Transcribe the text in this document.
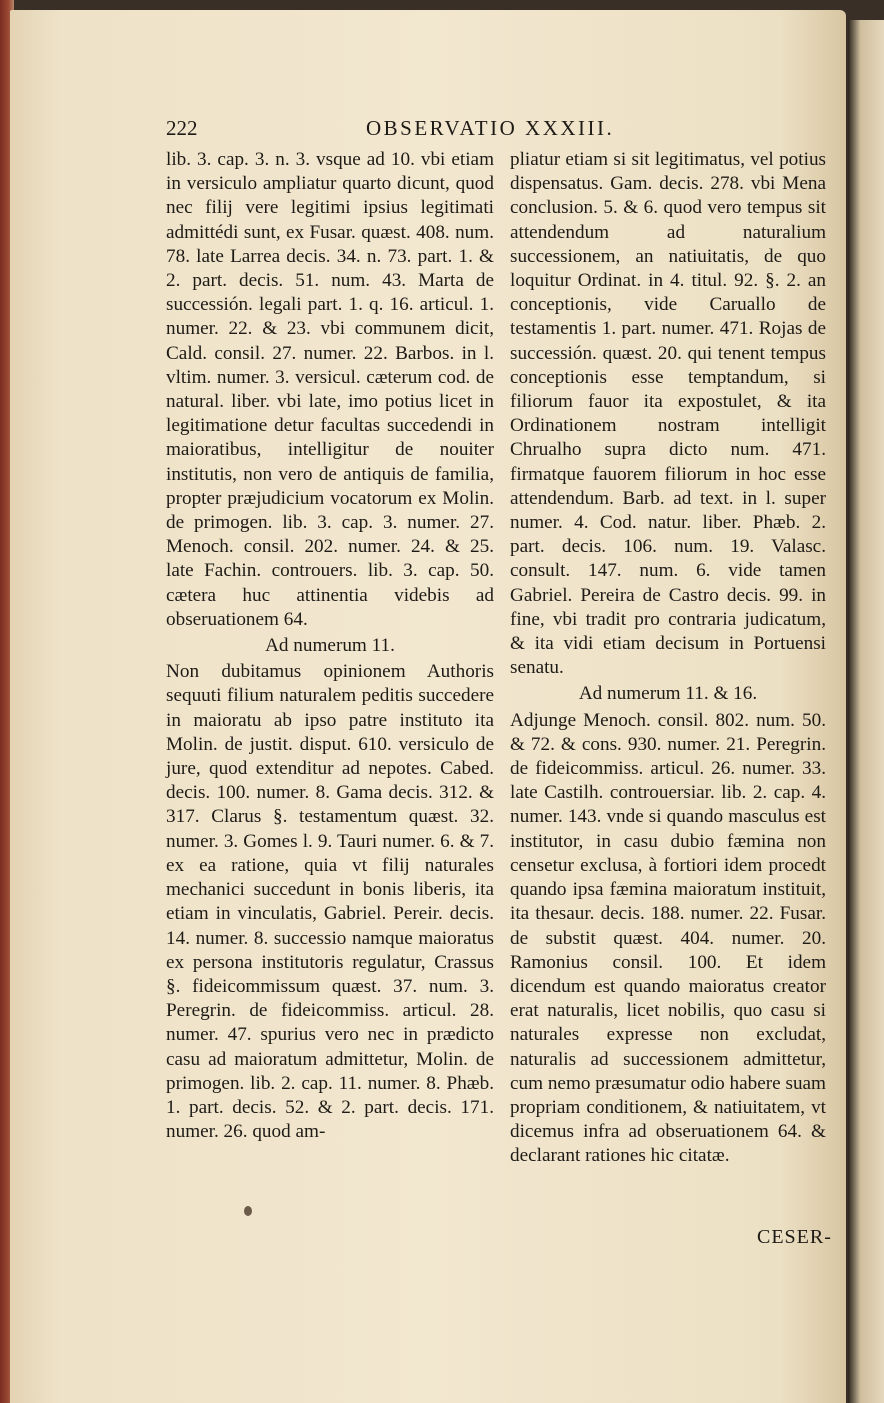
222	OBSERVATIO XXXIII.

lib. 3. cap. 3. n. 3. vsque ad 10. vbi etiam in versiculo ampliatur quarto dicunt, quod nec filij vere legitimi ipsius legitimati admittédi sunt, ex Fusar. quæst. 408. num. 78. late Larrea decis. 34. n. 73. part. 1. & 2. part. decis. 51. num. 43. Marta de successión. legali part. 1. q. 16. articul. 1. numer. 22. & 23. vbi communem dicit, Cald. consil. 27. numer. 22. Barbos. in l. vltim. numer. 3. versicul. cæterum cod. de natural. liber. vbi late, imo potius licet in legitimatione detur facultas succedendi in maioratibus, intelligitur de nouiter institutis, non vero de antiquis de familia, propter præjudicium vocatorum ex Molin. de primogen. lib. 3. cap. 3. numer. 27. Menoch. consil. 202. numer. 24. & 25. late Fachin. controuers. lib. 3. cap. 50. cætera huc attinentia videbis ad obseruationem 64.

Ad numerum 11.

Non dubitamus opinionem Authoris sequuti filium naturalem peditis succedere in maioratu ab ipso patre instituto ita Molin. de justit. disput. 610. versiculo de jure, quod extenditur ad nepotes. Cabed. decis. 100. numer. 8. Gama decis. 312. & 317. Clarus §. testamentum quæst. 32. numer. 3. Gomes l. 9. Tauri numer. 6. & 7. ex ea ratione, quia vt filij naturales mechanici succedunt in bonis liberis, ita etiam in vinculatis, Gabriel. Pereir. decis. 14. numer. 8. successio namque maioratus ex persona institutoris regulatur, Crassus §. fideicommissum quæst. 37. num. 3. Peregrin. de fideicommiss. articul. 28. numer. 47. spurius vero nec in prædicto casu ad maioratum admittetur, Molin. de primogen. lib. 2. cap. 11. numer. 8. Phæb. 1. part. decis. 52. & 2. part. decis. 171. numer. 26. quod am-

pliatur etiam si sit legitimatus, vel potius dispensatus. Gam. decis. 278. vbi Mena conclusion. 5. & 6. quod vero tempus sit attendendum ad naturalium successionem, an natiuitatis, de quo loquitur Ordinat. in 4. titul. 92. §. 2. an conceptionis, vide Caruallo de testamentis 1. part. numer. 471. Rojas de successión. quæst. 20. qui tenent tempus conceptionis esse temptandum, si filiorum fauor ita expostulet, & ita Ordinationem nostram intelligit Chrualho supra dicto num. 471. firmatque fauorem filiorum in hoc esse attendendum. Barb. ad text. in l. super numer. 4. Cod. natur. liber. Phæb. 2. part. decis. 106. num. 19. Valasc. consult. 147. num. 6. vide tamen Gabriel. Pereira de Castro decis. 99. in fine, vbi tradit pro contraria judicatum, & ita vidi etiam decisum in Portuensi senatu.

Ad numerum 11. & 16.

Adjunge Menoch. consil. 802. num. 50. & 72. & cons. 930. numer. 21. Peregrin. de fideicommiss. articul. 26. numer. 33. late Castilh. controuersiar. lib. 2. cap. 4. numer. 143. vnde si quando masculus est institutor, in casu dubio fæmina non censetur exclusa, à fortiori idem procedt quando ipsa fæmina maioratum instituit, ita thesaur. decis. 188. numer. 22. Fusar. de substit quæst. 404. numer. 20. Ramonius consil. 100. Et idem dicendum est quando maioratus creator erat naturalis, licet nobilis, quo casu si naturales expresse non excludat, naturalis ad successionem admittetur, cum nemo præsumatur odio habere suam propriam conditionem, & natiuitatem, vt dicemus infra ad obseruationem 64. & declarant rationes hic citatæ.

CESER-
